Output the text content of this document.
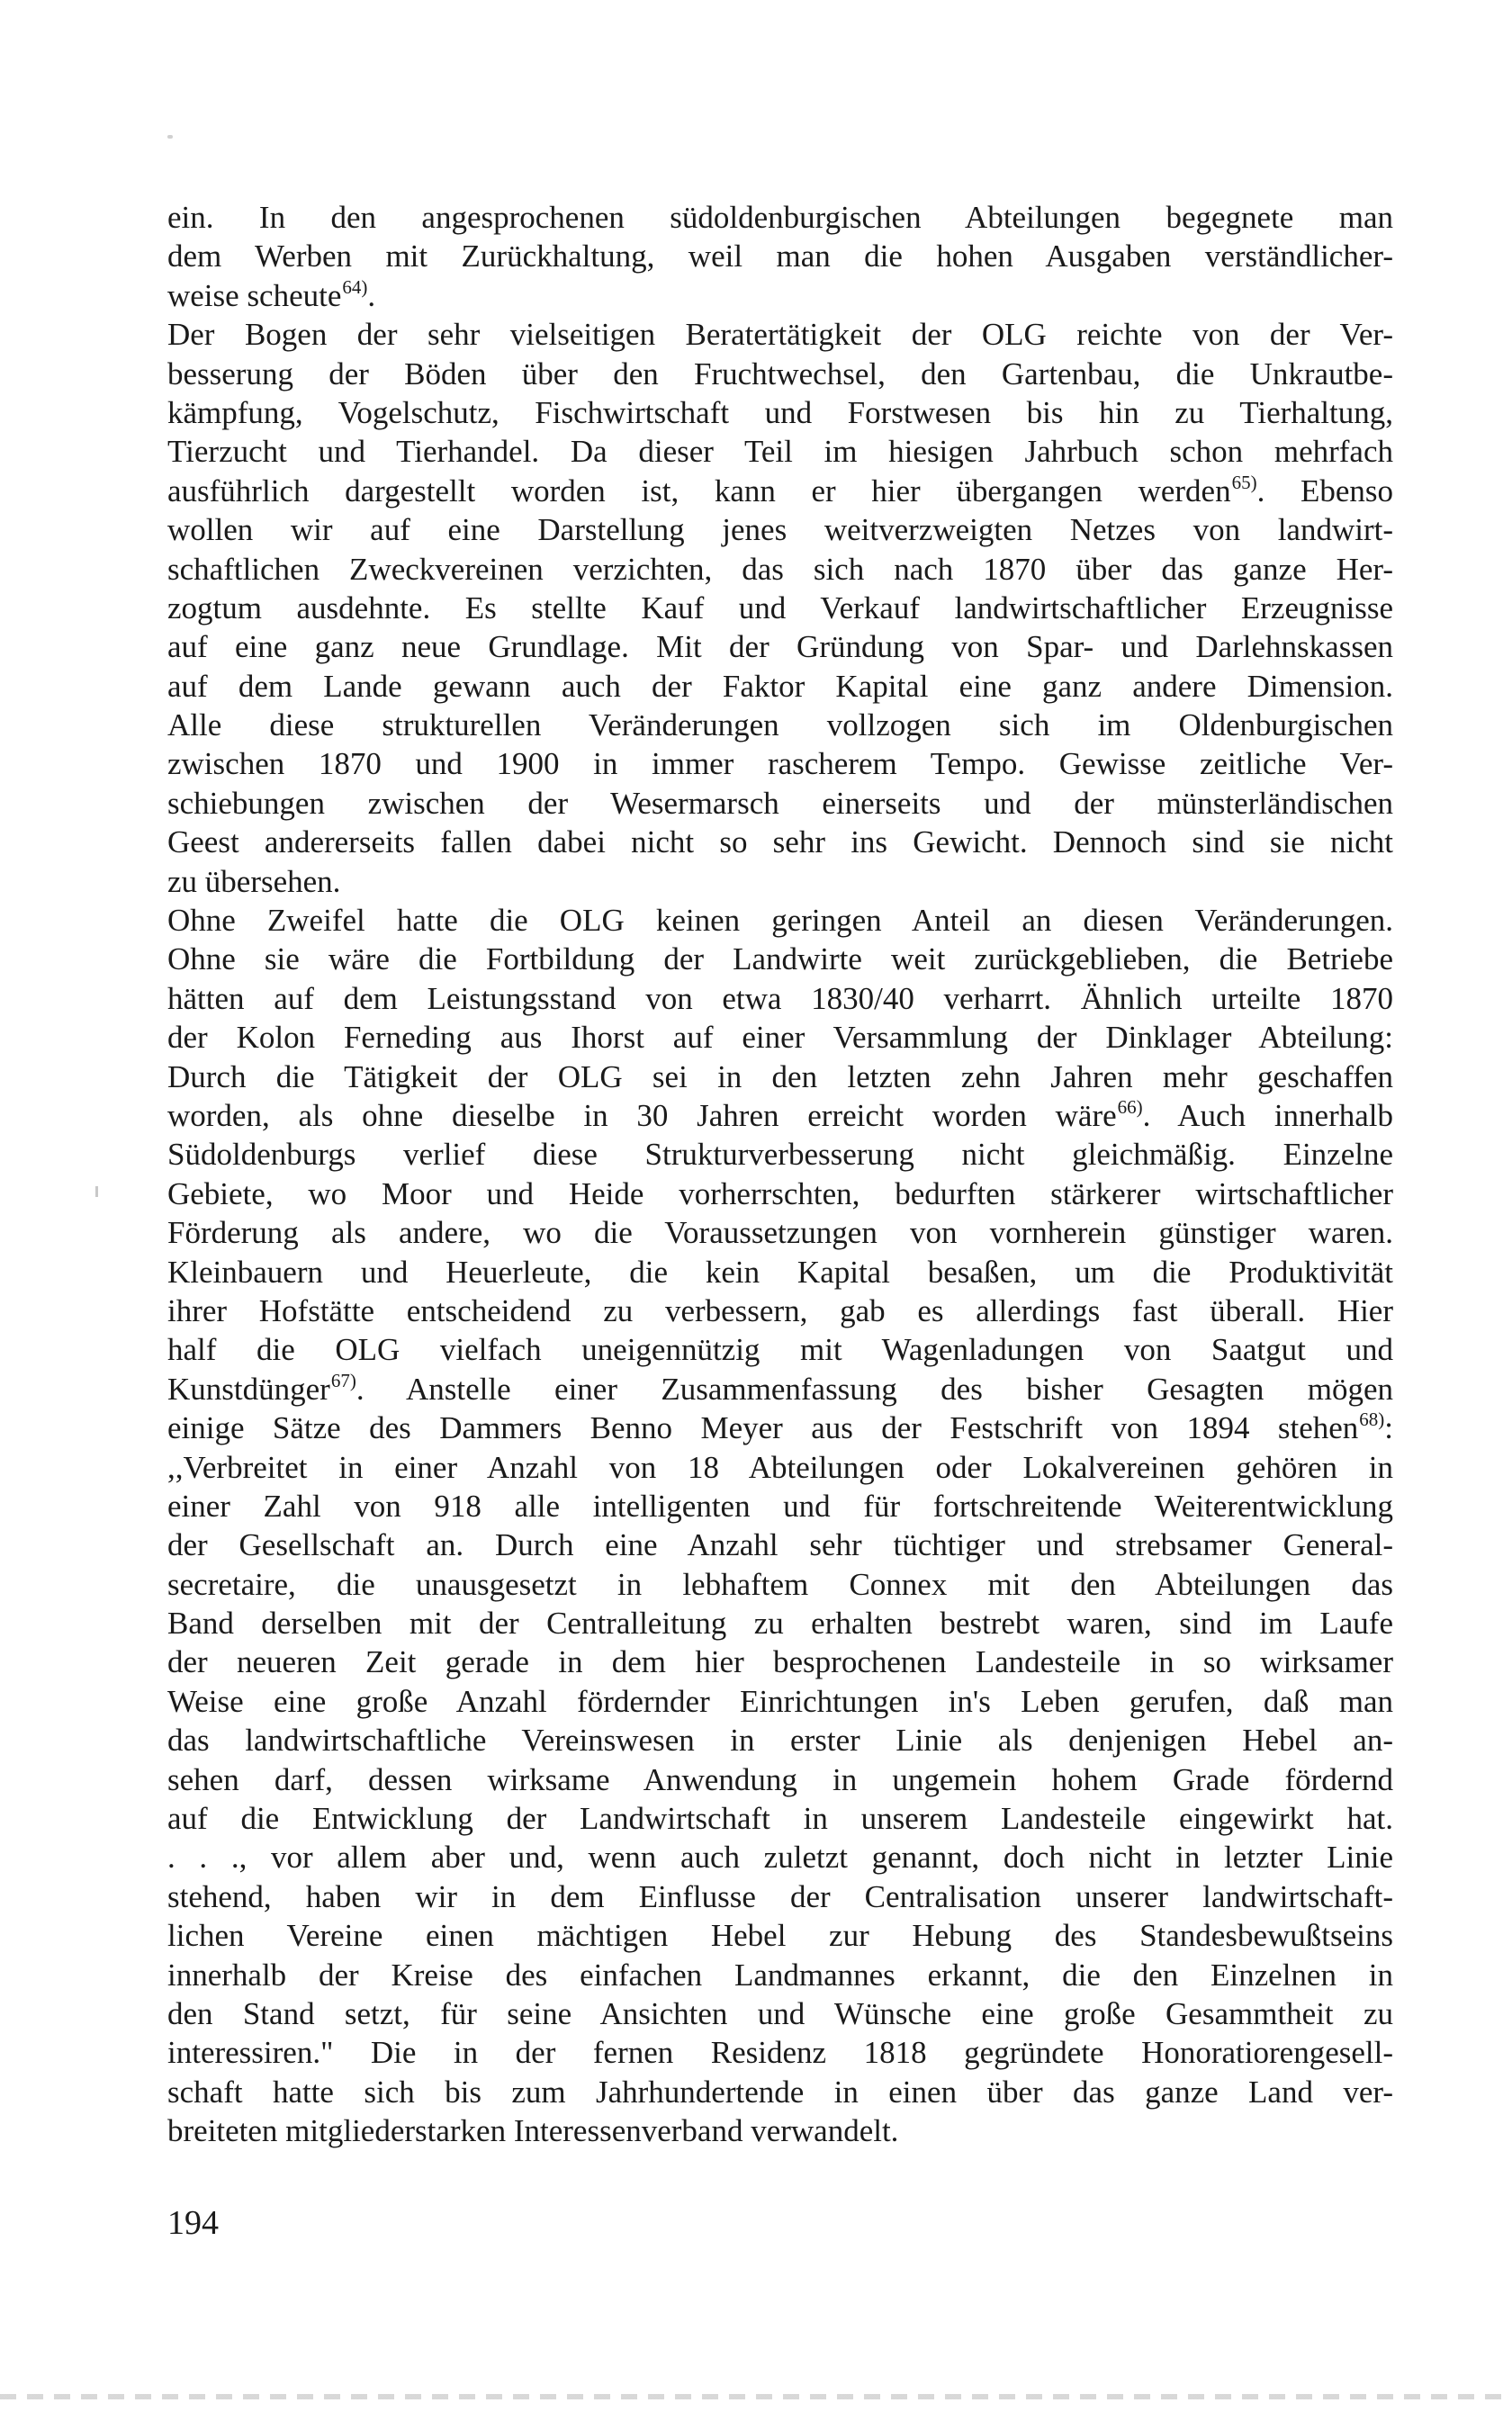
ein. In den angesprochenen südoldenburgischen Abteilungen begegnete man
dem Werben mit Zurückhaltung, weil man die hohen Ausgaben verständlicher-
weise scheute$^{64)}$.
Der Bogen der sehr vielseitigen Beratertätigkeit der OLG reichte von der Ver-
besserung der Böden über den Fruchtwechsel, den Gartenbau, die Unkrautbe-
kämpfung, Vogelschutz, Fischwirtschaft und Forstwesen bis hin zu Tierhaltung,
Tierzucht und Tierhandel. Da dieser Teil im hiesigen Jahrbuch schon mehrfach
ausführlich dargestellt worden ist, kann er hier übergangen werden$^{65)}$. Ebenso
wollen wir auf eine Darstellung jenes weitverzweigten Netzes von landwirt-
schaftlichen Zweckvereinen verzichten, das sich nach 1870 über das ganze Her-
zogtum ausdehnte. Es stellte Kauf und Verkauf landwirtschaftlicher Erzeugnisse
auf eine ganz neue Grundlage. Mit der Gründung von Spar- und Darlehnskassen
auf dem Lande gewann auch der Faktor Kapital eine ganz andere Dimension.
Alle diese strukturellen Veränderungen vollzogen sich im Oldenburgischen
zwischen 1870 und 1900 in immer rascherem Tempo. Gewisse zeitliche Ver-
schiebungen zwischen der Wesermarsch einerseits und der münsterländischen
Geest andererseits fallen dabei nicht so sehr ins Gewicht. Dennoch sind sie nicht
zu übersehen.
Ohne Zweifel hatte die OLG keinen geringen Anteil an diesen Veränderungen.
Ohne sie wäre die Fortbildung der Landwirte weit zurückgeblieben, die Betriebe
hätten auf dem Leistungsstand von etwa 1830/40 verharrt. Ähnlich urteilte 1870
der Kolon Ferneding aus Ihorst auf einer Versammlung der Dinklager Abteilung:
Durch die Tätigkeit der OLG sei in den letzten zehn Jahren mehr geschaffen
worden, als ohne dieselbe in 30 Jahren erreicht worden wäre$^{66)}$. Auch innerhalb
Südoldenburgs verlief diese Strukturverbesserung nicht gleichmäßig. Einzelne
Gebiete, wo Moor und Heide vorherrschten, bedurften stärkerer wirtschaftlicher
Förderung als andere, wo die Voraussetzungen von vornherein günstiger waren.
Kleinbauern und Heuerleute, die kein Kapital besaßen, um die Produktivität
ihrer Hofstätte entscheidend zu verbessern, gab es allerdings fast überall. Hier
half die OLG vielfach uneigennützig mit Wagenladungen von Saatgut und
Kunstdünger$^{67)}$. Anstelle einer Zusammenfassung des bisher Gesagten mögen
einige Sätze des Dammers Benno Meyer aus der Festschrift von 1894 stehen$^{68)}$:
,,Verbreitet in einer Anzahl von 18 Abteilungen oder Lokalvereinen gehören in
einer Zahl von 918 alle intelligenten und für fortschreitende Weiterentwicklung
der Gesellschaft an. Durch eine Anzahl sehr tüchtiger und strebsamer General-
secretaire, die unausgesetzt in lebhaftem Connex mit den Abteilungen das
Band derselben mit der Centralleitung zu erhalten bestrebt waren, sind im Laufe
der neueren Zeit gerade in dem hier besprochenen Landesteile in so wirksamer
Weise eine große Anzahl fördernder Einrichtungen in's Leben gerufen, daß man
das landwirtschaftliche Vereinswesen in erster Linie als denjenigen Hebel an-
sehen darf, dessen wirksame Anwendung in ungemein hohem Grade fördernd
auf die Entwicklung der Landwirtschaft in unserem Landesteile eingewirkt hat.
. . ., vor allem aber und, wenn auch zuletzt genannt, doch nicht in letzter Linie
stehend, haben wir in dem Einflusse der Centralisation unserer landwirtschaft-
lichen Vereine einen mächtigen Hebel zur Hebung des Standesbewußtseins
innerhalb der Kreise des einfachen Landmannes erkannt, die den Einzelnen in
den Stand setzt, für seine Ansichten und Wünsche eine große Gesammtheit zu
interessiren." Die in der fernen Residenz 1818 gegründete Honoratiorengesell-
schaft hatte sich bis zum Jahrhundertende in einen über das ganze Land ver-
breiteten mitgliederstarken Interessenverband verwandelt.
194
